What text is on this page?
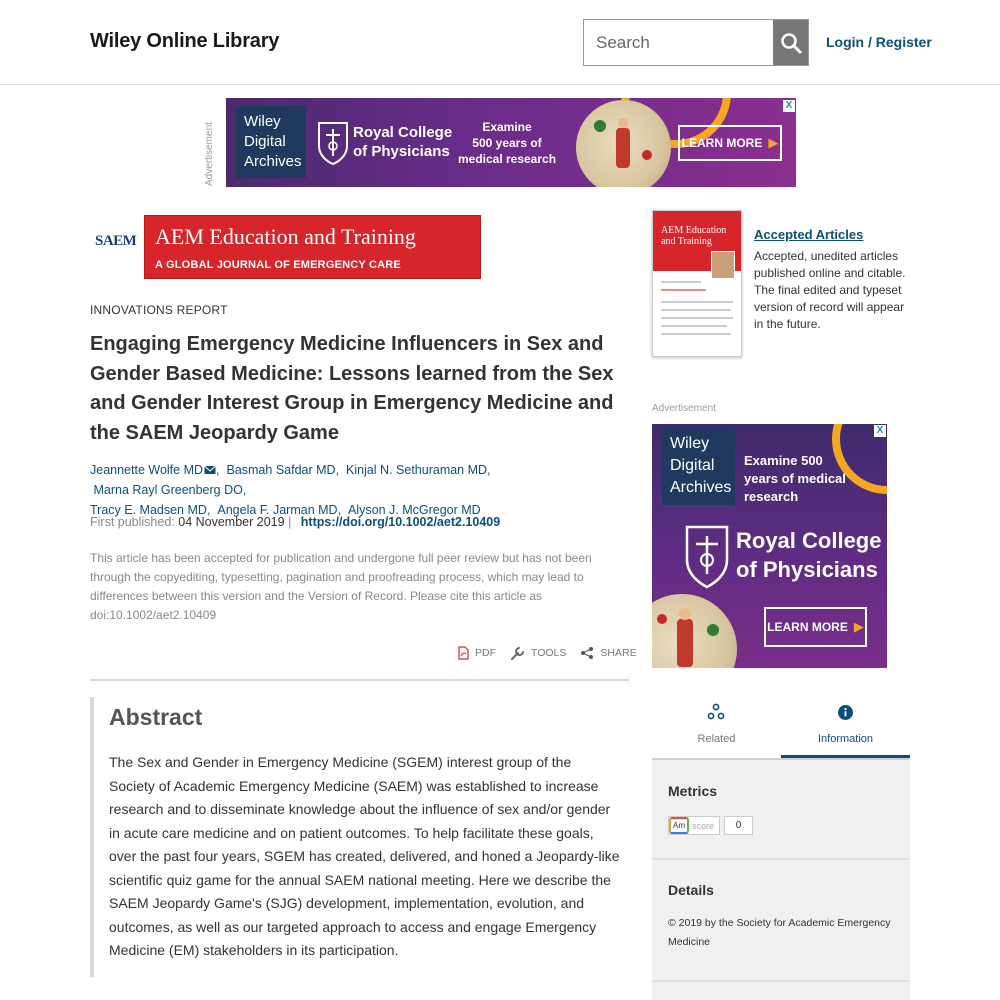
Wiley Online Library
Search	Login / Register
Advertisement
Wiley
Digital
Archives
Royal College
of Physicians
Examine
500 years of
medical research
LEARN MORE ▶
X
SAEM AEM Education and Training
A GLOBAL JOURNAL OF EMERGENCY CARE
INNOVATIONS REPORT
Engaging Emergency Medicine Influencers in Sex and Gender Based Medicine: Lessons learned from the Sex and Gender Interest Group in Emergency Medicine and the SAEM Jeopardy Game
Jeannette Wolfe MD , Basmah Safdar MD, Kinjal N. Sethuraman MD,  Marna Rayl Greenberg DO,
Tracy E. Madsen MD, Angela F. Jarman MD, Alyson J. McGregor MD
First published: 04 November 2019 | https://doi.org/10.1002/aet2.10409

This article has been accepted for publication and undergone full peer review but has not been through the copyediting, typesetting, pagination and proofreading process, which may lead to differences between this version and the Version of Record. Please cite this article as doi:10.1002/aet2.10409

PDF	TOOLS	SHARE
Abstract

The Sex and Gender in Emergency Medicine (SGEM) interest group of the Society of Academic Emergency Medicine (SAEM) was established to increase research and to disseminate knowledge about the influence of sex and/or gender in acute care medicine and on patient outcomes. To help facilitate these goals, over the past four years, SGEM has created, delivered, and honed a Jeopardy-like scientific quiz game for the annual SAEM national meeting. Here we describe the SAEM Jeopardy Game's (SJG) development, implementation, evolution, and outcomes, as well as our targeted approach to access and engage Emergency Medicine (EM) stakeholders in its participation.

AEM Education
and Training	Accepted Articles
Accepted, unedited articles published online and citable. The final edited and typeset version of record will appear in the future.
Advertisement
Wiley
Digital
Archives
Examine 500
years of medical
research
Royal College
of Physicians
LEARN MORE ▶
X
Related	Information
Metrics
Am score	0
Details
© 2019 by the Society for Academic Emergency Medicine
